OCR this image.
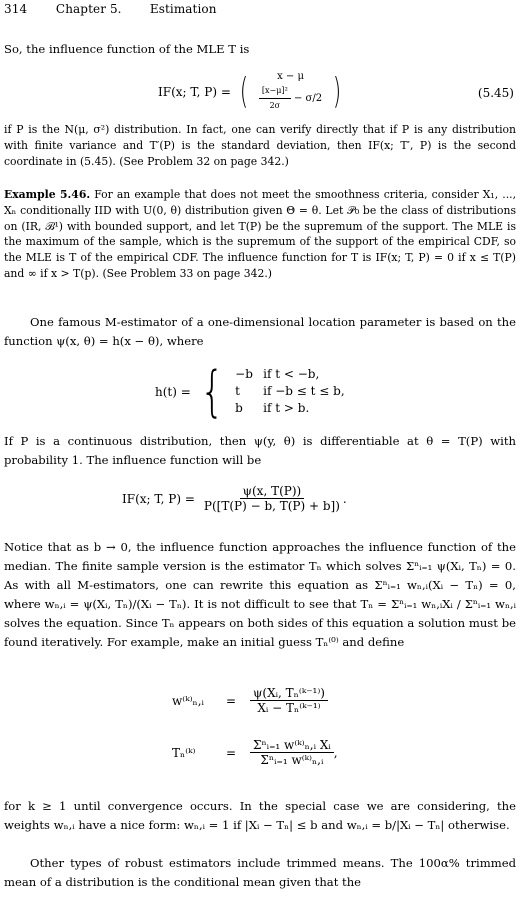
314 Chapter 5. Estimation
So, the influence function of the MLE T is
IF(x; T, P) = (	x − μ
$\frac{\text{[x−μ]²}}{2\sigma} - \sigma/2$ )	(5.45)
if P is the N(μ, σ²) distribution. In fact, one can verify directly that if P is any distribution with finite variance and T′(P) is the standard deviation, then IF(x; T′, P) is the second coordinate in (5.45). (See Problem 32 on page 342.)
Example 5.46. For an example that does not meet the smoothness criteria, consider X₁, ..., Xₙ conditionally IID with U(0, θ) distribution given Θ = θ. Let 𝒫₀ be the class of distributions on (IR, ℬ¹) with bounded support, and let T(P) be the supremum of the support. The MLE is the maximum of the sample, which is the supremum of the support of the empirical CDF, so the MLE is T of the empirical CDF. The influence function for T is IF(x; T, P) = 0 if x ≤ T(P) and ∞ if x > T(p). (See Problem 33 on page 342.)
One famous M-estimator of a one-dimensional location parameter is based on the function ψ(x, θ) = h(x − θ), where
h(t) = { −b if t < −b,
t if −b ≤ t ≤ b,
b if t > b.
If P is a continuous distribution, then ψ(y, θ) is differentiable at θ = T(P) with probability 1. The influence function will be
IF(x; T, $P) = \frac{\psi(x, T(P))}{P([T(P) - b, T(P) + b])}$ .
Notice that as b → 0, the influence function approaches the influence function of the median. The finite sample version is the estimator Tₙ which solves Σⁿᵢ₌₁ ψ(Xᵢ, Tₙ) = 0. As with all M-estimators, one can rewrite this equation as Σⁿᵢ₌₁ wₙ,ᵢ(Xᵢ − Tₙ) = 0, where wₙ,ᵢ = ψ(Xᵢ, Tₙ)/(Xᵢ − Tₙ). It is not difficult to see that Tₙ = Σⁿᵢ₌₁ wₙ,ᵢXᵢ / Σⁿᵢ₌₁ wₙ,ᵢ solves the equation. Since Tₙ appears on both sides of this equation a solution must be found iteratively. For example, make an initial guess Tₙ⁽⁰⁾ and define
w⁽ᵏ⁾ₙ,ᵢ	=	$\frac{\text{ψ(Xᵢ, Tₙ⁽ᵏ⁻¹⁾)}}{\text{Xᵢ − Tₙ⁽ᵏ⁻¹⁾}}$
Tₙ⁽ᵏ⁾	=	$\frac{\text{Σⁿᵢ₌₁ w⁽ᵏ⁾ₙ,ᵢ Xᵢ}}{\text{Σⁿᵢ₌₁ w⁽ᵏ⁾ₙ,ᵢ}}$ ,
for k ≥ 1 until convergence occurs. In the special case we are considering, the weights wₙ,ᵢ have a nice form: wₙ,ᵢ = 1 if |Xᵢ − Tₙ| ≤ b and wₙ,ᵢ = b/|Xᵢ − Tₙ| otherwise.
Other types of robust estimators include trimmed means. The 100α% trimmed mean of a distribution is the conditional mean given that the
